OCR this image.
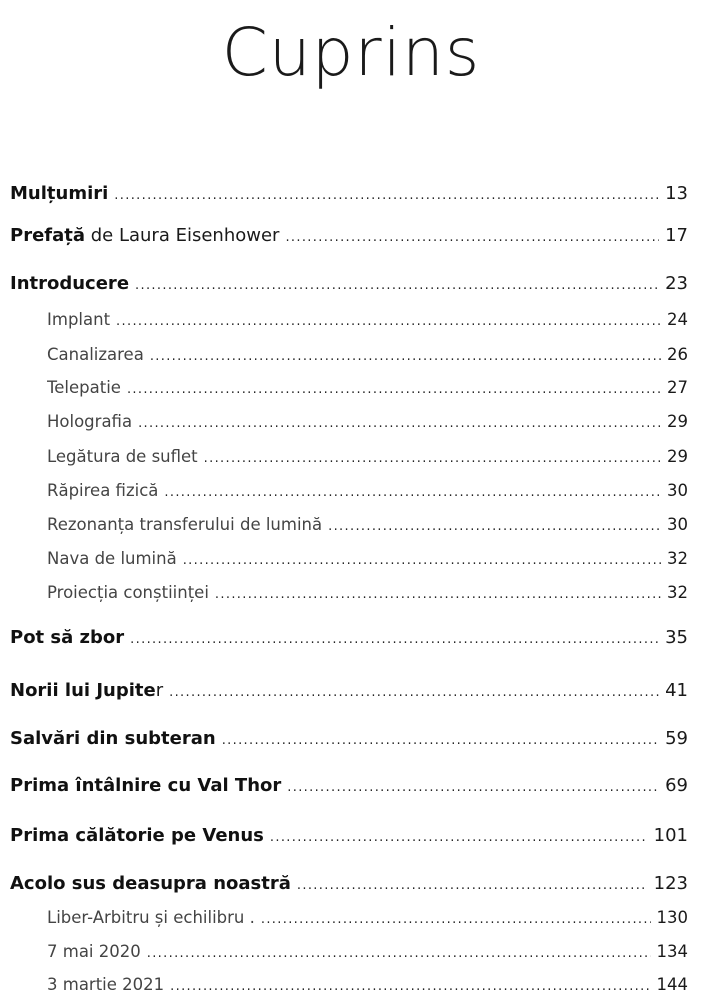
Cuprins
Mulțumiri . . .	13
Prefață de Laura Eisenhower . . .	17
Introducere . . .	23
Implant . . .	24
Canalizarea . . .	26
Telepatie . . .	27
Holografia . . .	29
Legătura de suflet . . .	29
Răpirea fizică . . .	30
Rezonanța transferului de lumină . . .	30
Nava de lumină . . .	32
Proiecția conștiinței . . .	32
Pot să zbor . . .	35
Norii lui Jupiter . . .	41
Salvări din subteran . . .	59
Prima întâlnire cu Val Thor . . .	69
Prima călătorie pe Venus . . .	101
Acolo sus deasupra noastră . . .	123
Liber-Arbitru și echilibru . . . .	130
7 mai 2020 . . .	134
3 martie 2021 . . .	144
